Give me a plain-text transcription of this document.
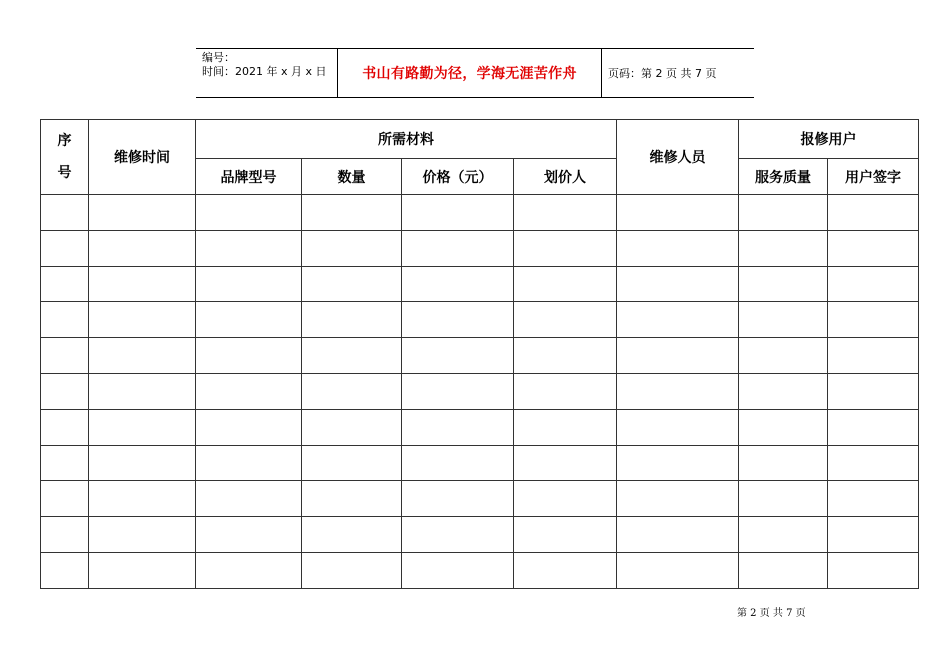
编号：
时间：2021 年 x 月 x 日	书山有路勤为径，学海无涯苦作舟	页码：第 2 页 共 7 页
序
号	维修时间	所需材料				维修人员	报修用户	
		品牌型号	数量	价格（元）	划价人		服务质量	用户签字

第 2 页 共 7 页
